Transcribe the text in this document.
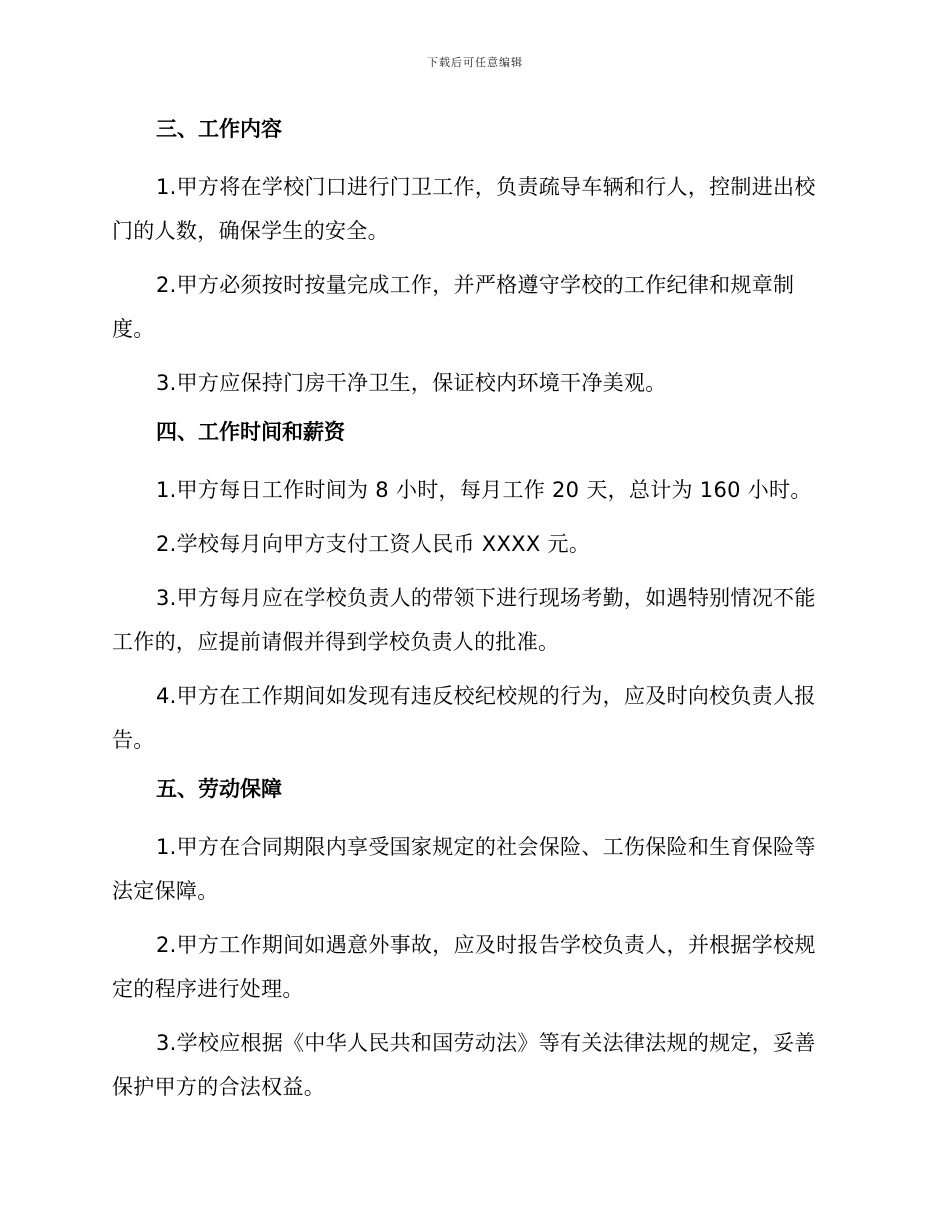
下载后可任意编辑
三、工作内容

1.甲方将在学校门口进行门卫工作，负责疏导车辆和行人，控制进出校门的人数，确保学生的安全。

2.甲方必须按时按量完成工作，并严格遵守学校的工作纪律和规章制度。

3.甲方应保持门房干净卫生，保证校内环境干净美观。

四、工作时间和薪资

1.甲方每日工作时间为 8 小时，每月工作 20 天，总计为 160 小时。

2.学校每月向甲方支付工资人民币 XXXX 元。

3.甲方每月应在学校负责人的带领下进行现场考勤，如遇特别情况不能工作的，应提前请假并得到学校负责人的批准。

4.甲方在工作期间如发现有违反校纪校规的行为，应及时向校负责人报告。

五、劳动保障

1.甲方在合同期限内享受国家规定的社会保险、工伤保险和生育保险等法定保障。

2.甲方工作期间如遇意外事故，应及时报告学校负责人，并根据学校规定的程序进行处理。

3.学校应根据《中华人民共和国劳动法》等有关法律法规的规定，妥善保护甲方的合法权益。
